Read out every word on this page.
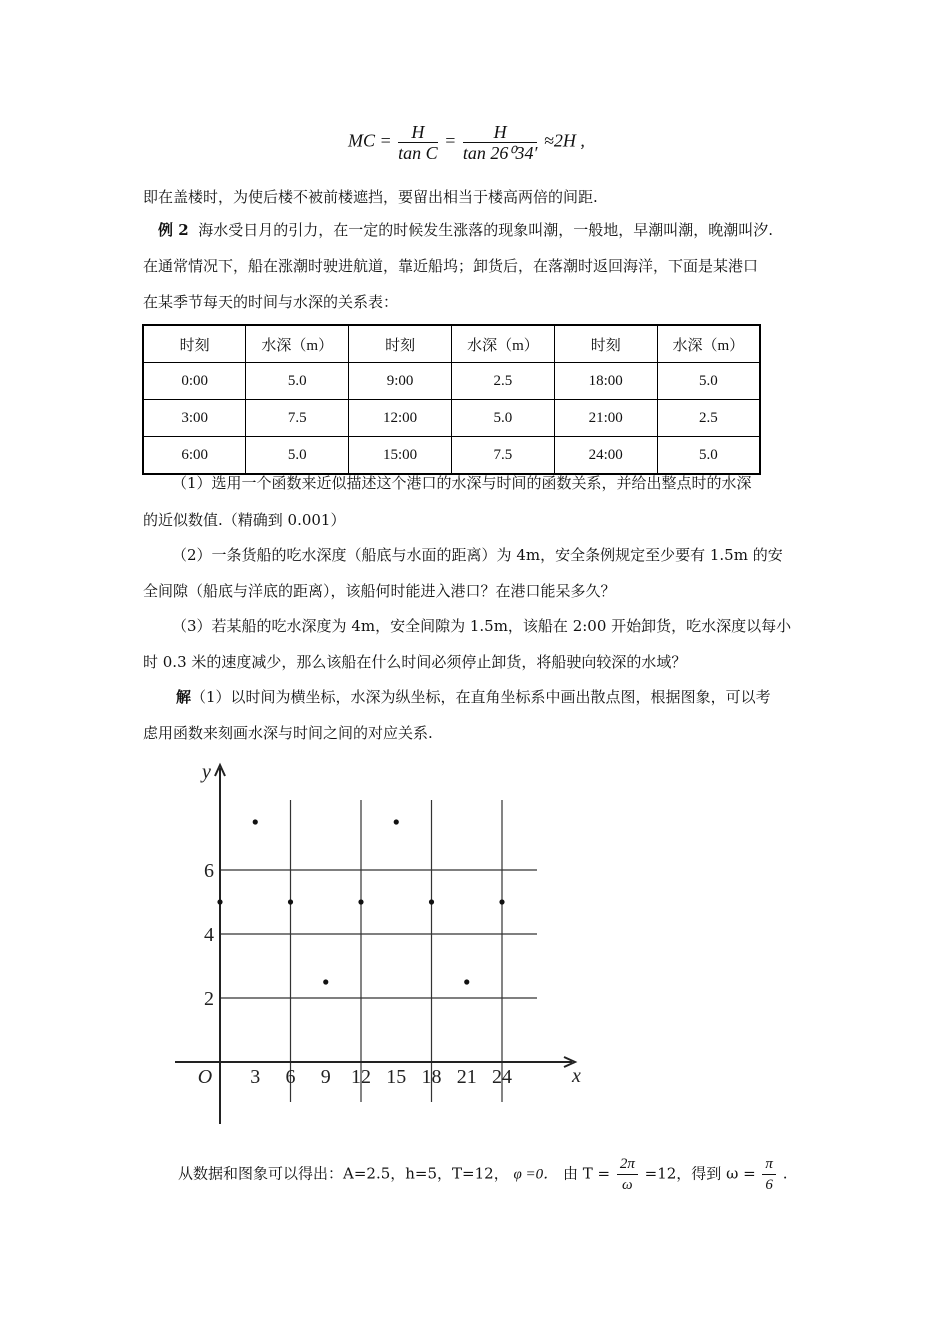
MC = $\frac{H}{\text{tan C}} = \frac{H}{\text{tan 26⁰34′}} \approx 2H$ ,
即在盖楼时，为使后楼不被前楼遮挡，要留出相当于楼高两倍的间距.
例 2 海水受日月的引力，在一定的时候发生涨落的现象叫潮，一般地，早潮叫潮，晚潮叫汐.
在通常情况下，船在涨潮时驶进航道，靠近船坞；卸货后，在落潮时返回海洋，下面是某港口
在某季节每天的时间与水深的关系表：
时刻	水深（m）	时刻	水深（m）	时刻	水深（m）
0:00	5.0	9:00	2.5	18:00	5.0
3:00	7.5	12:00	5.0	21:00	2.5
6:00	5.0	15:00	7.5	24:00	5.0
（1）选用一个函数来近似描述这个港口的水深与时间的函数关系，并给出整点时的水深
的近似数值.（精确到 0.001）
（2）一条货船的吃水深度（船底与水面的距离）为 4m，安全条例规定至少要有 1.5m 的安
全间隙（船底与洋底的距离），该船何时能进入港口？在港口能呆多久？
（3）若某船的吃水深度为 4m，安全间隙为 1.5m，该船在 2:00 开始卸货，吃水深度以每小
时 0.3 米的速度减少，那么该船在什么时间必须停止卸货，将船驶向较深的水域？
解（1）以时间为横坐标，水深为纵坐标，在直角坐标系中画出散点图，根据图象，可以考
虑用函数来刻画水深与时间之间的对应关系.
3 6 9 12 15 18 21 24
2
4
6
O	x
y
从数据和图象可以得出：A=2.5，h=5，T=12， φ =0． 由 $T = \frac{2\pi}{\omega} =12$，得到 $\omega = \frac{\pi}{6}$ .
